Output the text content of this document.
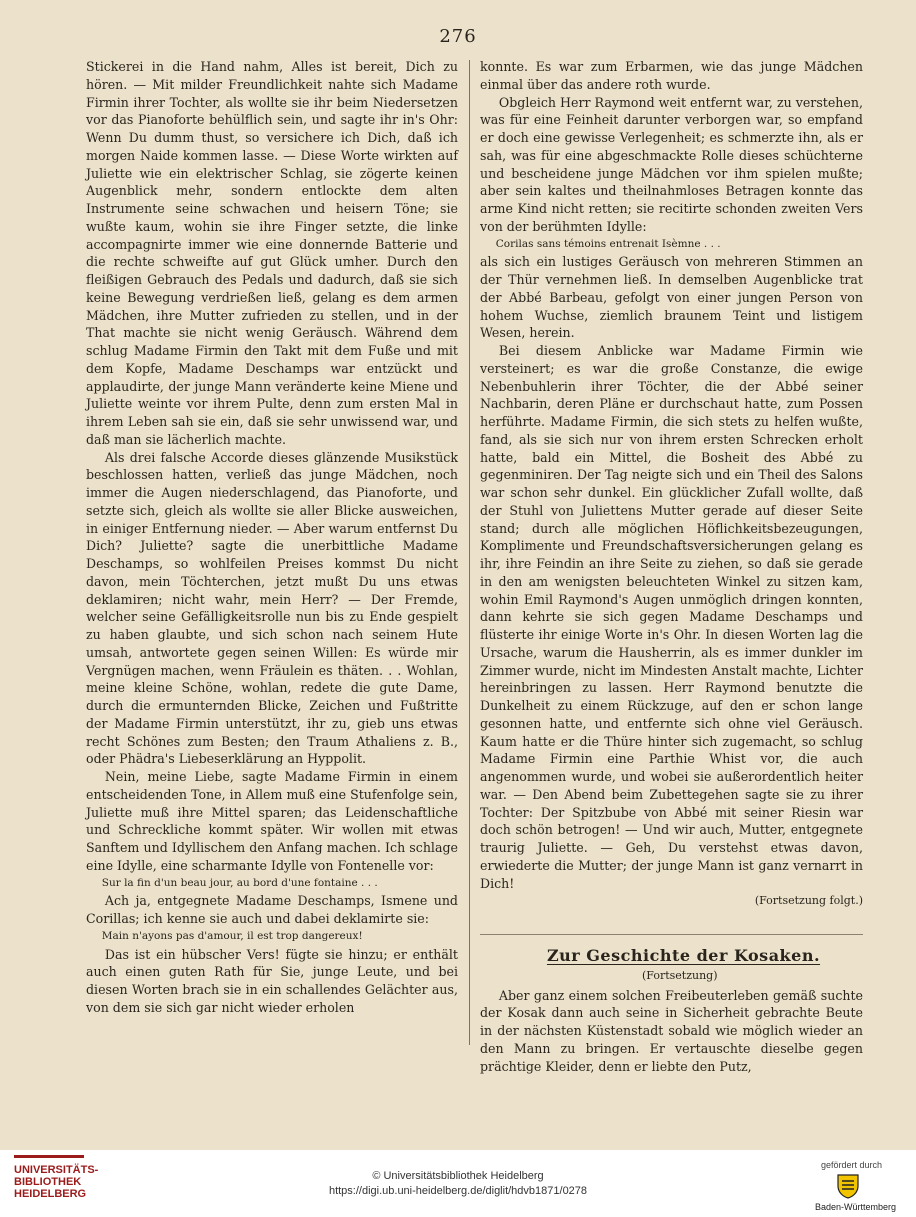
276

Stickerei in die Hand nahm, Alles ist bereit, Dich zu hören. — Mit milder Freundlichkeit nahte sich Madame Firmin ihrer Tochter, als wollte sie ihr beim Niedersetzen vor das Pianoforte behülflich sein, und sagte ihr in's Ohr: Wenn Du dumm thust, so versichere ich Dich, daß ich morgen Naide kommen lasse. — Diese Worte wirkten auf Juliette wie ein elektrischer Schlag, sie zögerte keinen Augenblick mehr, sondern entlockte dem alten Instrumente seine schwachen und heisern Töne; sie wußte kaum, wohin sie ihre Finger setzte, die linke accompagnirte immer wie eine donnernde Batterie und die rechte schweifte auf gut Glück umher. Durch den fleißigen Gebrauch des Pedals und dadurch, daß sie sich keine Bewegung verdrießen ließ, gelang es dem armen Mädchen, ihre Mutter zufrieden zu stellen, und in der That machte sie nicht wenig Geräusch. Während dem schlug Madame Firmin den Takt mit dem Fuße und mit dem Kopfe, Madame Deschamps war entzückt und applaudirte, der junge Mann veränderte keine Miene und Juliette weinte vor ihrem Pulte, denn zum ersten Mal in ihrem Leben sah sie ein, daß sie sehr unwissend war, und daß man sie lächerlich machte.

Als drei falsche Accorde dieses glänzende Musikstück beschlossen hatten, verließ das junge Mädchen, noch immer die Augen niederschlagend, das Pianoforte, und setzte sich, gleich als wollte sie aller Blicke ausweichen, in einiger Entfernung nieder. — Aber warum entfernst Du Dich? Juliette? sagte die unerbittliche Madame Deschamps, so wohlfeilen Preises kommst Du nicht davon, mein Töchterchen, jetzt mußt Du uns etwas deklamiren; nicht wahr, mein Herr? — Der Fremde, welcher seine Gefälligkeitsrolle nun bis zu Ende gespielt zu haben glaubte, und sich schon nach seinem Hute umsah, antwortete gegen seinen Willen: Es würde mir Vergnügen machen, wenn Fräulein es thäten. . . Wohlan, meine kleine Schöne, wohlan, redete die gute Dame, durch die ermunternden Blicke, Zeichen und Fußtritte der Madame Firmin unterstützt, ihr zu, gieb uns etwas recht Schönes zum Besten; den Traum Athaliens z. B., oder Phädra's Liebeserklärung an Hyppolit.

Nein, meine Liebe, sagte Madame Firmin in einem entscheidenden Tone, in Allem muß eine Stufenfolge sein, Juliette muß ihre Mittel sparen; das Leidenschaftliche und Schreckliche kommt später. Wir wollen mit etwas Sanftem und Idyllischem den Anfang machen. Ich schlage eine Idylle, eine scharmante Idylle von Fontenelle vor:

Sur la fin d'un beau jour, au bord d'une fontaine . . .

Ach ja, entgegnete Madame Deschamps, Ismene und Corillas; ich kenne sie auch und dabei deklamirte sie:

Main n'ayons pas d'amour, il est trop dangereux!

Das ist ein hübscher Vers! fügte sie hinzu; er enthält auch einen guten Rath für Sie, junge Leute, und bei diesen Worten brach sie in ein schallendes Gelächter aus, von dem sie sich gar nicht wieder erholen

konnte. Es war zum Erbarmen, wie das junge Mädchen einmal über das andere roth wurde.

Obgleich Herr Raymond weit entfernt war, zu verstehen, was für eine Feinheit darunter verborgen war, so empfand er doch eine gewisse Verlegenheit; es schmerzte ihn, als er sah, was für eine abgeschmackte Rolle dieses schüchterne und bescheidene junge Mädchen vor ihm spielen mußte; aber sein kaltes und theilnahmloses Betragen konnte das arme Kind nicht retten; sie recitirte schonden zweiten Vers von der berühmten Idylle:

Corilas sans témoins entrenait Isèmne . . .

als sich ein lustiges Geräusch von mehreren Stimmen an der Thür vernehmen ließ. In demselben Augenblicke trat der Abbé Barbeau, gefolgt von einer jungen Person von hohem Wuchse, ziemlich braunem Teint und listigem Wesen, herein.

Bei diesem Anblicke war Madame Firmin wie versteinert; es war die große Constanze, die ewige Nebenbuhlerin ihrer Töchter, die der Abbé seiner Nachbarin, deren Pläne er durchschaut hatte, zum Possen herführte. Madame Firmin, die sich stets zu helfen wußte, fand, als sie sich nur von ihrem ersten Schrecken erholt hatte, bald ein Mittel, die Bosheit des Abbé zu gegenminiren. Der Tag neigte sich und ein Theil des Salons war schon sehr dunkel. Ein glücklicher Zufall wollte, daß der Stuhl von Juliettens Mutter gerade auf dieser Seite stand; durch alle möglichen Höflichkeitsbezeugungen, Komplimente und Freundschaftsversicherungen gelang es ihr, ihre Feindin an ihre Seite zu ziehen, so daß sie gerade in den am wenigsten beleuchteten Winkel zu sitzen kam, wohin Emil Raymond's Augen unmöglich dringen konnten, dann kehrte sie sich gegen Madame Deschamps und flüsterte ihr einige Worte in's Ohr. In diesen Worten lag die Ursache, warum die Hausherrin, als es immer dunkler im Zimmer wurde, nicht im Mindesten Anstalt machte, Lichter hereinbringen zu lassen. Herr Raymond benutzte die Dunkelheit zu einem Rückzuge, auf den er schon lange gesonnen hatte, und entfernte sich ohne viel Geräusch. Kaum hatte er die Thüre hinter sich zugemacht, so schlug Madame Firmin eine Parthie Whist vor, die auch angenommen wurde, und wobei sie außerordentlich heiter war. — Den Abend beim Zubettegehen sagte sie zu ihrer Tochter: Der Spitzbube von Abbé mit seiner Riesin war doch schön betrogen! — Und wir auch, Mutter, entgegnete traurig Juliette. — Geh, Du verstehst etwas davon, erwiederte die Mutter; der junge Mann ist ganz vernarrt in Dich!

(Fortsetzung folgt.)

Zur Geschichte der Kosaken.

(Fortsetzung)

Aber ganz einem solchen Freibeuterleben gemäß suchte der Kosak dann auch seine in Sicherheit gebrachte Beute in der nächsten Küstenstadt sobald wie möglich wieder an den Mann zu bringen. Er vertauschte dieselbe gegen prächtige Kleider, denn er liebte den Putz,

UNIVERSITÄTS-
BIBLIOTHEK
HEIDELBERG
© Universitätsbibliothek Heidelberg
https://digi.ub.uni-heidelberg.de/diglit/hdvb1871/0278
gefördert durch
Baden-Württemberg
